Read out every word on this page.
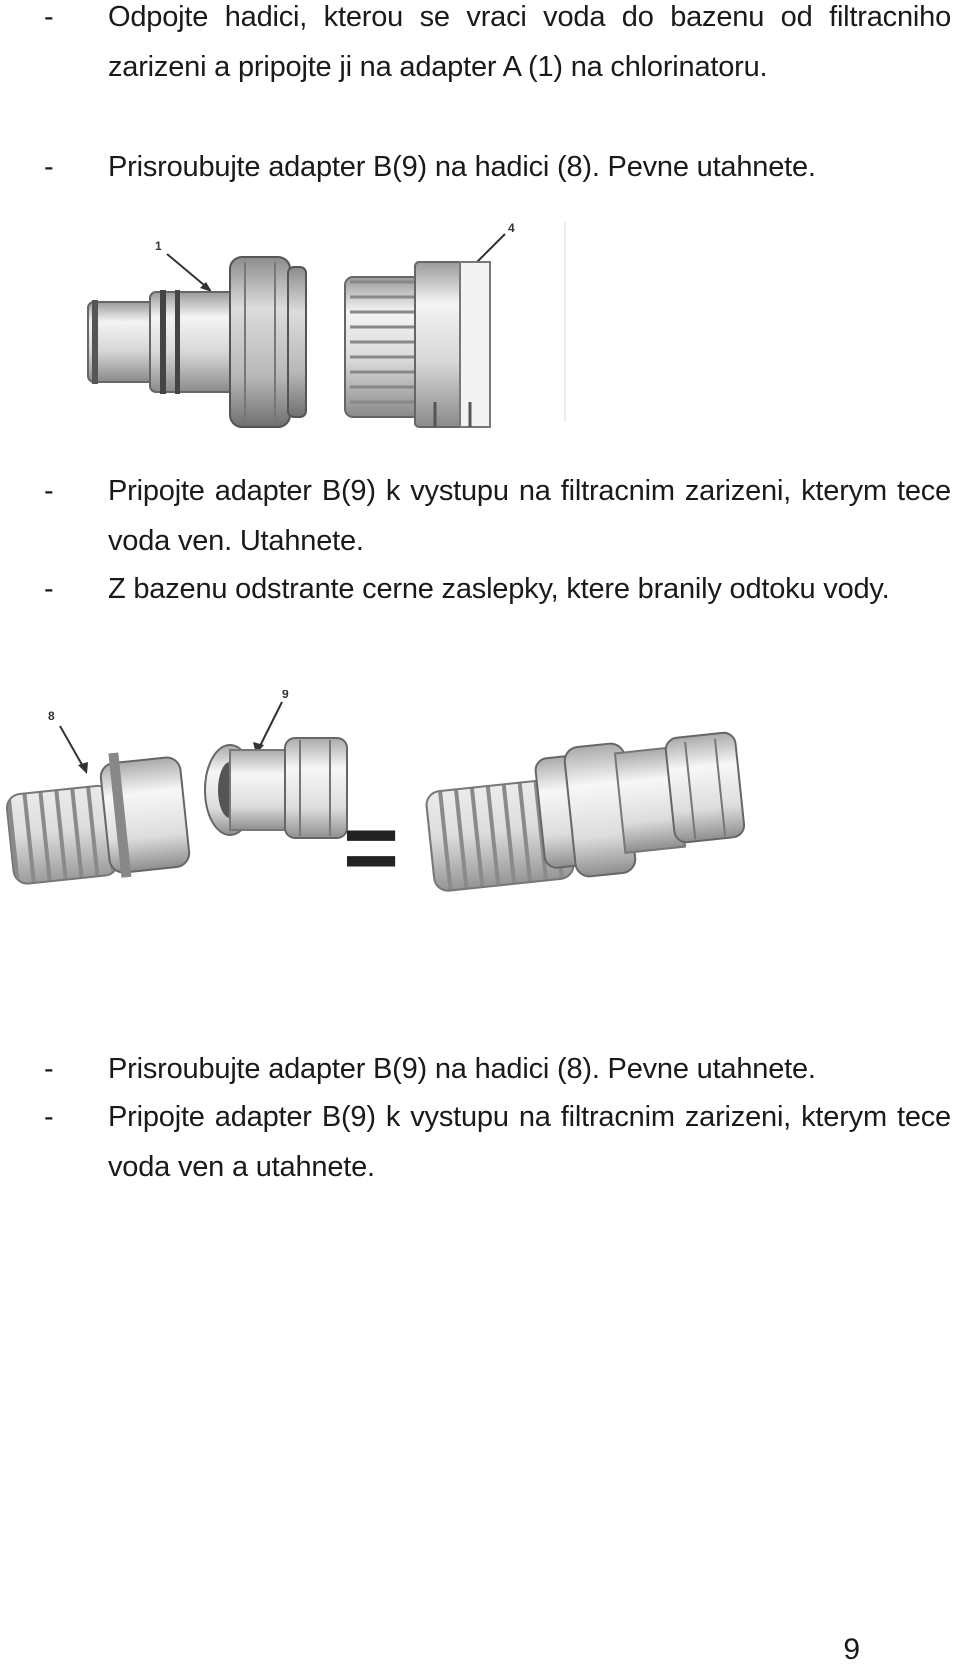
- Odpojte hadici, kterou se vraci voda do bazenu od filtracniho zarizeni a pripojte ji na adapter A (1) na chlorinatoru.
- Prisroubujte adapter B(9) na hadici (8). Pevne utahnete.
1
4
- Pripojte adapter B(9) k vystupu na filtracnim zarizeni, kterym tece voda ven. Utahnete.
- Z bazenu odstrante cerne zaslepky, ktere branily odtoku vody.
8
9
=
- Prisroubujte adapter B(9) na hadici (8). Pevne utahnete.
- Pripojte adapter B(9) k vystupu na filtracnim zarizeni, kterym tece voda ven a utahnete.
9
